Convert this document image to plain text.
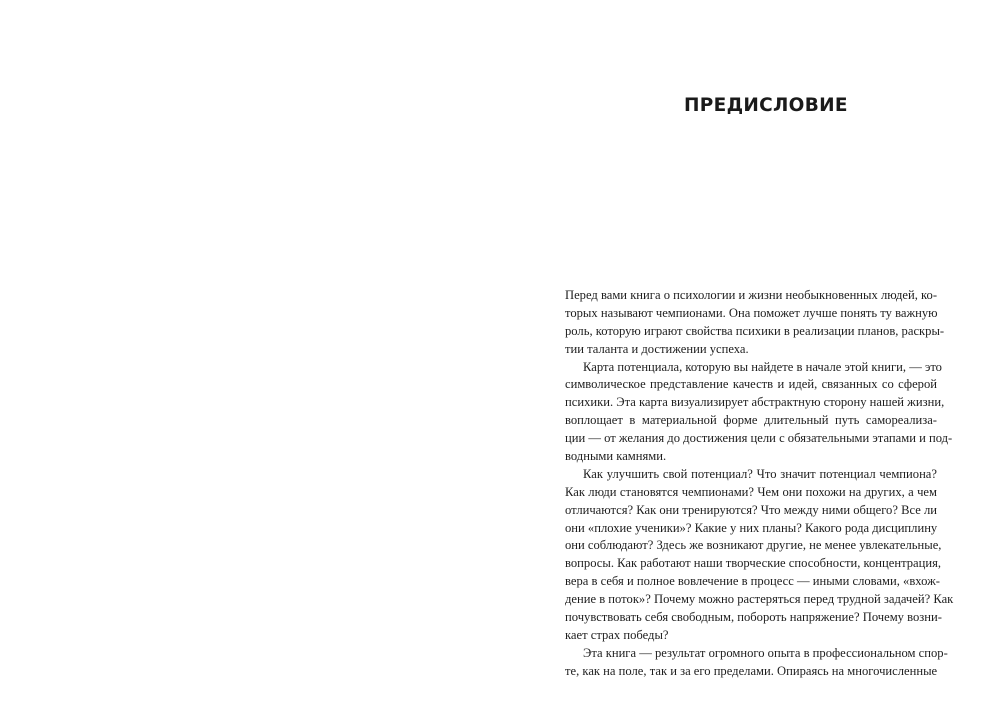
ПРЕДИСЛОВИЕ
Перед вами книга о психологии и жизни необыкновенных людей, ко-
торых называют чемпионами. Она поможет лучше понять ту важную
роль, которую играют свойства психики в реализации планов, раскры-
тии таланта и достижении успеха.
Карта потенциала, которую вы найдете в начале этой книги, — это
символическое представление качеств и идей, связанных со сферой
психики. Эта карта визуализирует абстрактную сторону нашей жизни,
воплощает в материальной форме длительный путь самореализа-
ции — от желания до достижения цели с обязательными этапами и под-
водными камнями.
Как улучшить свой потенциал? Что значит потенциал чемпиона?
Как люди становятся чемпионами? Чем они похожи на других, а чем
отличаются? Как они тренируются? Что между ними общего? Все ли
они «плохие ученики»? Какие у них планы? Какого рода дисциплину
они соблюдают? Здесь же возникают другие, не менее увлекательные,
вопросы. Как работают наши творческие способности, концентрация,
вера в себя и полное вовлечение в процесс — иными словами, «вхож-
дение в поток»? Почему можно растеряться перед трудной задачей? Как
почувствовать себя свободным, побороть напряжение? Почему возни-
кает страх победы?
Эта книга — результат огромного опыта в профессиональном спор-
те, как на поле, так и за его пределами. Опираясь на многочисленные
